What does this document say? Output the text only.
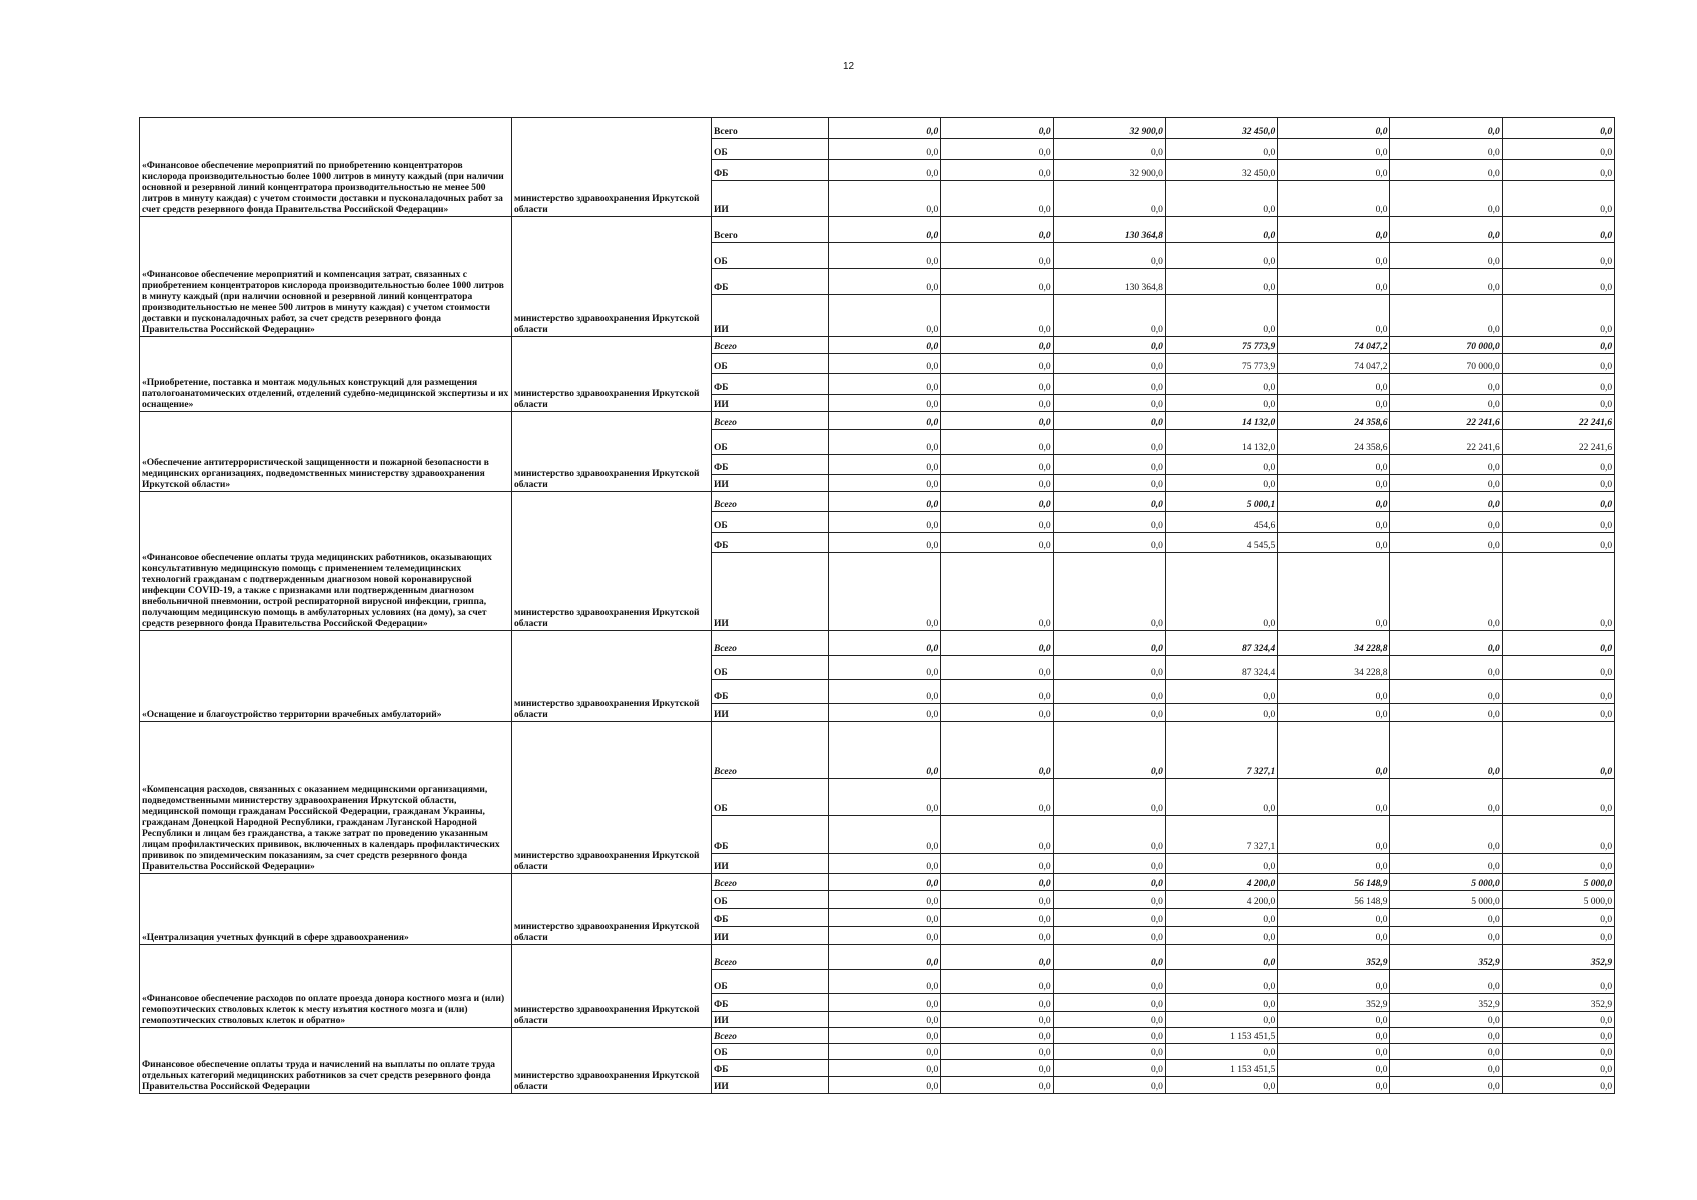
12
«Финансовое обеспечение мероприятий по приобретению концентраторов кислорода производительностью более 1000 литров в минуту каждый (при наличии основной и резервной линий концентратора производительностью не менее 500 литров в минуту каждая) с учетом стоимости доставки и пусконаладочных работ за счет средств резервного фонда Правительства Российской Федерации»	министерство здравоохранения Иркутской области	Всего	0,0	0,0	32 900,0	32 450,0	0,0	0,0	0,0
		ОБ	0,0	0,0	0,0	0,0	0,0	0,0	0,0
		ФБ	0,0	0,0	32 900,0	32 450,0	0,0	0,0	0,0
		ИИ	0,0	0,0	0,0	0,0	0,0	0,0	0,0
«Финансовое обеспечение мероприятий и компенсация затрат, связанных с приобретением концентраторов кислорода производительностью более 1000 литров в минуту каждый (при наличии основной и резервной линий концентратора производительностью не менее 500 литров в минуту каждая) с учетом стоимости доставки и пусконаладочных работ, за счет средств резервного фонда Правительства Российской Федерации»	министерство здравоохранения Иркутской области	Всего	0,0	0,0	130 364,8	0,0	0,0	0,0	0,0
		ОБ	0,0	0,0	0,0	0,0	0,0	0,0	0,0
		ФБ	0,0	0,0	130 364,8	0,0	0,0	0,0	0,0
		ИИ	0,0	0,0	0,0	0,0	0,0	0,0	0,0
«Приобретение, поставка и монтаж модульных конструкций для размещения патологоанатомических отделений, отделений судебно-медицинской экспертизы и их оснащение»	министерство здравоохранения Иркутской области	Всего	0,0	0,0	0,0	75 773,9	74 047,2	70 000,0	0,0
		ОБ	0,0	0,0	0,0	75 773,9	74 047,2	70 000,0	0,0
		ФБ	0,0	0,0	0,0	0,0	0,0	0,0	0,0
		ИИ	0,0	0,0	0,0	0,0	0,0	0,0	0,0
«Обеспечение антитеррористической защищенности и пожарной безопасности в медицинских организациях, подведомственных министерству здравоохранения Иркутской области»	министерство здравоохранения Иркутской области	Всего	0,0	0,0	0,0	14 132,0	24 358,6	22 241,6	22 241,6
		ОБ	0,0	0,0	0,0	14 132,0	24 358,6	22 241,6	22 241,6
		ФБ	0,0	0,0	0,0	0,0	0,0	0,0	0,0
		ИИ	0,0	0,0	0,0	0,0	0,0	0,0	0,0
«Финансовое обеспечение оплаты труда медицинских работников, оказывающих консультативную медицинскую помощь с применением телемедицинских технологий гражданам с подтвержденным диагнозом новой коронавирусной инфекции COVID-19, а также с признаками или подтвержденным диагнозом внебольничной пневмонии, острой респираторной вирусной инфекции, гриппа, получающим медицинскую помощь в амбулаторных условиях (на дому), за счет средств резервного фонда Правительства Российской Федерации»	министерство здравоохранения Иркутской области	Всего	0,0	0,0	0,0	5 000,1	0,0	0,0	0,0
		ОБ	0,0	0,0	0,0	454,6	0,0	0,0	0,0
		ФБ	0,0	0,0	0,0	4 545,5	0,0	0,0	0,0
		ИИ	0,0	0,0	0,0	0,0	0,0	0,0	0,0
«Оснащение и благоустройство территории врачебных амбулаторий»	министерство здравоохранения Иркутской области	Всего	0,0	0,0	0,0	87 324,4	34 228,8	0,0	0,0
		ОБ	0,0	0,0	0,0	87 324,4	34 228,8	0,0	0,0
		ФБ	0,0	0,0	0,0	0,0	0,0	0,0	0,0
		ИИ	0,0	0,0	0,0	0,0	0,0	0,0	0,0
«Компенсация расходов, связанных с оказанием медицинскими организациями, подведомственными министерству здравоохранения Иркутской области, медицинской помощи гражданам Российской Федерации, гражданам Украины, гражданам Донецкой Народной Республики, гражданам Луганской Народной Республики и лицам без гражданства, а также затрат по проведению указанным лицам профилактических прививок, включенных в календарь профилактических прививок по эпидемическим показаниям, за счет средств резервного фонда Правительства Российской Федерации»	министерство здравоохранения Иркутской области	Всего	0,0	0,0	0,0	7 327,1	0,0	0,0	0,0
		ОБ	0,0	0,0	0,0	0,0	0,0	0,0	0,0
		ФБ	0,0	0,0	0,0	7 327,1	0,0	0,0	0,0
		ИИ	0,0	0,0	0,0	0,0	0,0	0,0	0,0
«Централизация учетных функций в сфере здравоохранения»	министерство здравоохранения Иркутской области	Всего	0,0	0,0	0,0	4 200,0	56 148,9	5 000,0	5 000,0
		ОБ	0,0	0,0	0,0	4 200,0	56 148,9	5 000,0	5 000,0
		ФБ	0,0	0,0	0,0	0,0	0,0	0,0	0,0
		ИИ	0,0	0,0	0,0	0,0	0,0	0,0	0,0
«Финансовое обеспечение расходов по оплате проезда донора костного мозга и (или) гемопоэтических стволовых клеток к месту изъятия костного мозга и (или) гемопоэтических стволовых клеток и обратно»	министерство здравоохранения Иркутской области	Всего	0,0	0,0	0,0	0,0	352,9	352,9	352,9
		ОБ	0,0	0,0	0,0	0,0	0,0	0,0	0,0
		ФБ	0,0	0,0	0,0	0,0	352,9	352,9	352,9
		ИИ	0,0	0,0	0,0	0,0	0,0	0,0	0,0
Финансовое обеспечение оплаты труда и начислений на выплаты по оплате труда отдельных категорий медицинских работников за счет средств резервного фонда Правительства Российской Федерации	министерство здравоохранения Иркутской области	Всего	0,0	0,0	0,0	1 153 451,5	0,0	0,0	0,0
		ОБ	0,0	0,0	0,0	0,0	0,0	0,0	0,0
		ФБ	0,0	0,0	0,0	1 153 451,5	0,0	0,0	0,0
		ИИ	0,0	0,0	0,0	0,0	0,0	0,0	0,0
